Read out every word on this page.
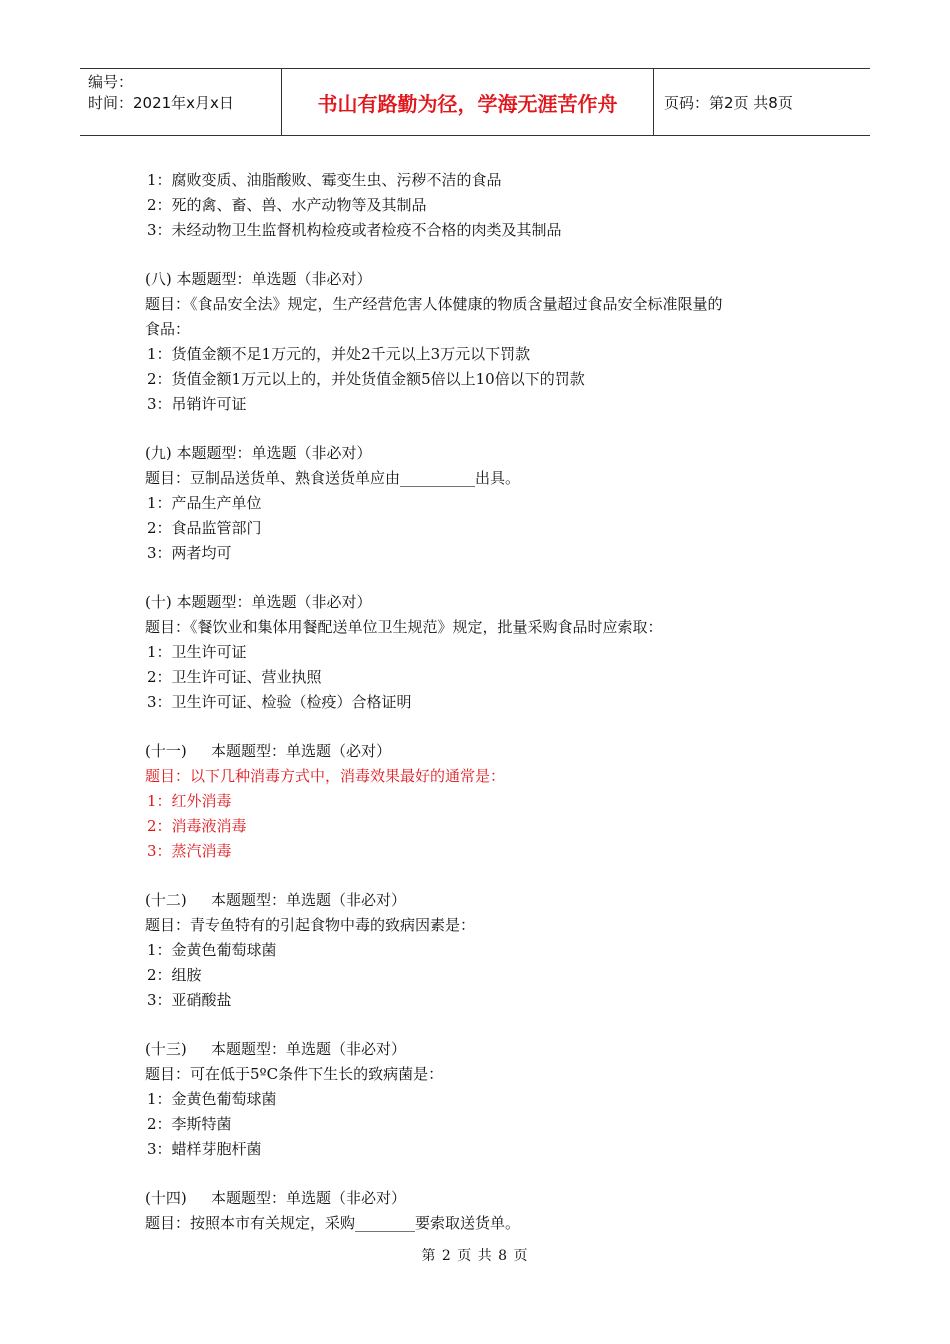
编号：
时间：2021年x月x日	书山有路勤为径，学海无涯苦作舟	页码：第2页 共8页
1：腐败变质、油脂酸败、霉变生虫、污秽不洁的食品
2：死的禽、畜、兽、水产动物等及其制品
3：未经动物卫生监督机构检疫或者检疫不合格的肉类及其制品
(八) 本题题型：单选题（非必对）
题目：《食品安全法》规定，生产经营危害人体健康的物质含量超过食品安全标准限量的
食品：
1：货值金额不足1万元的，并处2千元以上3万元以下罚款
2：货值金额1万元以上的，并处货值金额5倍以上10倍以下的罚款
3：吊销许可证
(九) 本题题型：单选题（非必对）
题目：豆制品送货单、熟食送货单应由__________出具。
1：产品生产单位
2：食品监管部门
3：两者均可
(十) 本题题型：单选题（非必对）
题目：《餐饮业和集体用餐配送单位卫生规范》规定，批量采购食品时应索取：
1：卫生许可证
2：卫生许可证、营业执照
3：卫生许可证、检验（检疫）合格证明
(十一) 本题题型：单选题（必对）
题目：以下几种消毒方式中，消毒效果最好的通常是：
1：红外消毒
2：消毒液消毒
3：蒸汽消毒
(十二) 本题题型：单选题（非必对）
题目：青专鱼特有的引起食物中毒的致病因素是：
1：金黄色葡萄球菌
2：组胺
3：亚硝酸盐
(十三) 本题题型：单选题（非必对）
题目：可在低于5ºC条件下生长的致病菌是：
1：金黄色葡萄球菌
2：李斯特菌
3：蜡样芽胞杆菌
(十四) 本题题型：单选题（非必对）
题目：按照本市有关规定，采购________要索取送货单。
第 2 页 共 8 页
